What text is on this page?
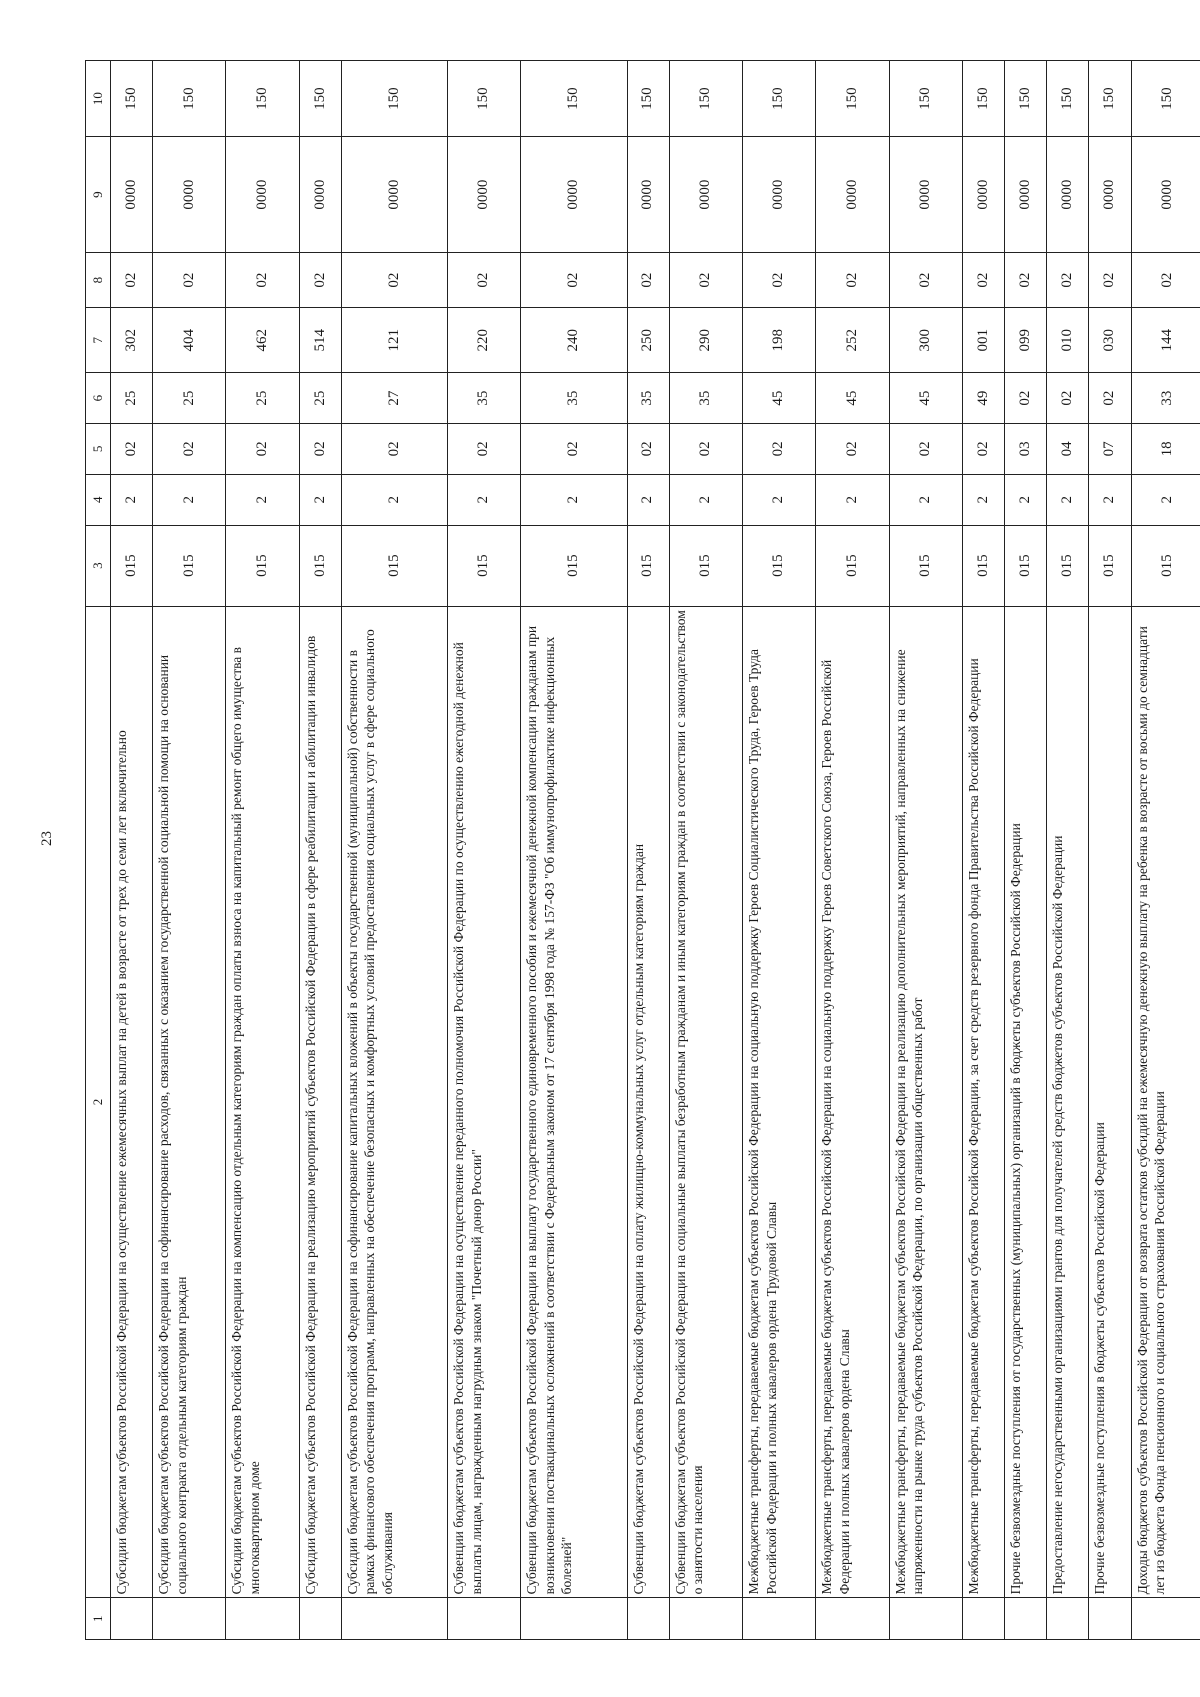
23
1	2	3	4	5	6	7	8	9	10
	Субсидии бюджетам субъектов Российской Федерации на осуществление ежемесячных выплат на детей в возрасте от трех до семи лет включительно	015	2	02	25	302	02	0000	150
	Субсидии бюджетам субъектов Российской Федерации на софинансирование расходов, связанных с оказанием государственной социальной помощи на основании социального контракта отдельным категориям граждан	015	2	02	25	404	02	0000	150
	Субсидии бюджетам субъектов Российской Федерации на компенсацию отдельным категориям граждан оплаты взноса на капитальный ремонт общего имущества в многоквартирном доме	015	2	02	25	462	02	0000	150
	Субсидии бюджетам субъектов Российской Федерации на реализацию мероприятий субъектов Российской Федерации в сфере реабилитации и абилитации инвалидов	015	2	02	25	514	02	0000	150
	Субсидии бюджетам субъектов Российской Федерации на софинансирование капитальных вложений в объекты государственной (муниципальной) собственности в рамках финансового обеспечения программ, направленных на обеспечение безопасных и комфортных условий предоставления социальных услуг в сфере социального обслуживания	015	2	02	27	121	02	0000	150
	Субвенции бюджетам субъектов Российской Федерации на осуществление переданного полномочия Российской Федерации по осуществлению ежегодной денежной выплаты лицам, награжденным нагрудным знаком "Почетный донор России"	015	2	02	35	220	02	0000	150
	Субвенции бюджетам субъектов Российской Федерации на выплату государственного единовременного пособия и ежемесячной денежной компенсации гражданам при возникновении поствакцинальных осложнений в соответствии с Федеральным законом от 17 сентября 1998 года № 157-ФЗ "Об иммунопрофилактике инфекционных болезней"	015	2	02	35	240	02	0000	150
	Субвенции бюджетам субъектов Российской Федерации на оплату жилищно-коммунальных услуг отдельным категориям граждан	015	2	02	35	250	02	0000	150
	Субвенции бюджетам субъектов Российской Федерации на социальные выплаты безработным гражданам и иным категориям граждан в соответствии с законодательством о занятости населения	015	2	02	35	290	02	0000	150
	Межбюджетные трансферты, передаваемые бюджетам субъектов Российской Федерации на социальную поддержку Героев Социалистического Труда, Героев Труда Российской Федерации и полных кавалеров ордена Трудовой Славы	015	2	02	45	198	02	0000	150
	Межбюджетные трансферты, передаваемые бюджетам субъектов Российской Федерации на социальную поддержку Героев Советского Союза, Героев Российской Федерации и полных кавалеров ордена Славы	015	2	02	45	252	02	0000	150
	Межбюджетные трансферты, передаваемые бюджетам субъектов Российской Федерации на реализацию дополнительных мероприятий, направленных на снижение напряженности на рынке труда субъектов Российской Федерации, по организации общественных работ	015	2	02	45	300	02	0000	150
	Межбюджетные трансферты, передаваемые бюджетам субъектов Российской Федерации, за счет средств резервного фонда Правительства Российской Федерации	015	2	02	49	001	02	0000	150
	Прочие безвозмездные поступления от государственных (муниципальных) организаций в бюджеты субъектов Российской Федерации	015	2	03	02	099	02	0000	150
	Предоставление негосударственными организациями грантов для получателей средств бюджетов субъектов Российской Федерации	015	2	04	02	010	02	0000	150
	Прочие безвозмездные поступления в бюджеты субъектов Российской Федерации	015	2	07	02	030	02	0000	150
	Доходы бюджетов субъектов Российской Федерации от возврата остатков субсидий на ежемесячную денежную выплату на ребенка в возрасте от восьми до семнадцати лет из бюджета Фонда пенсионного и социального страхования Российской Федерации	015	2	18	33	144	02	0000	150
